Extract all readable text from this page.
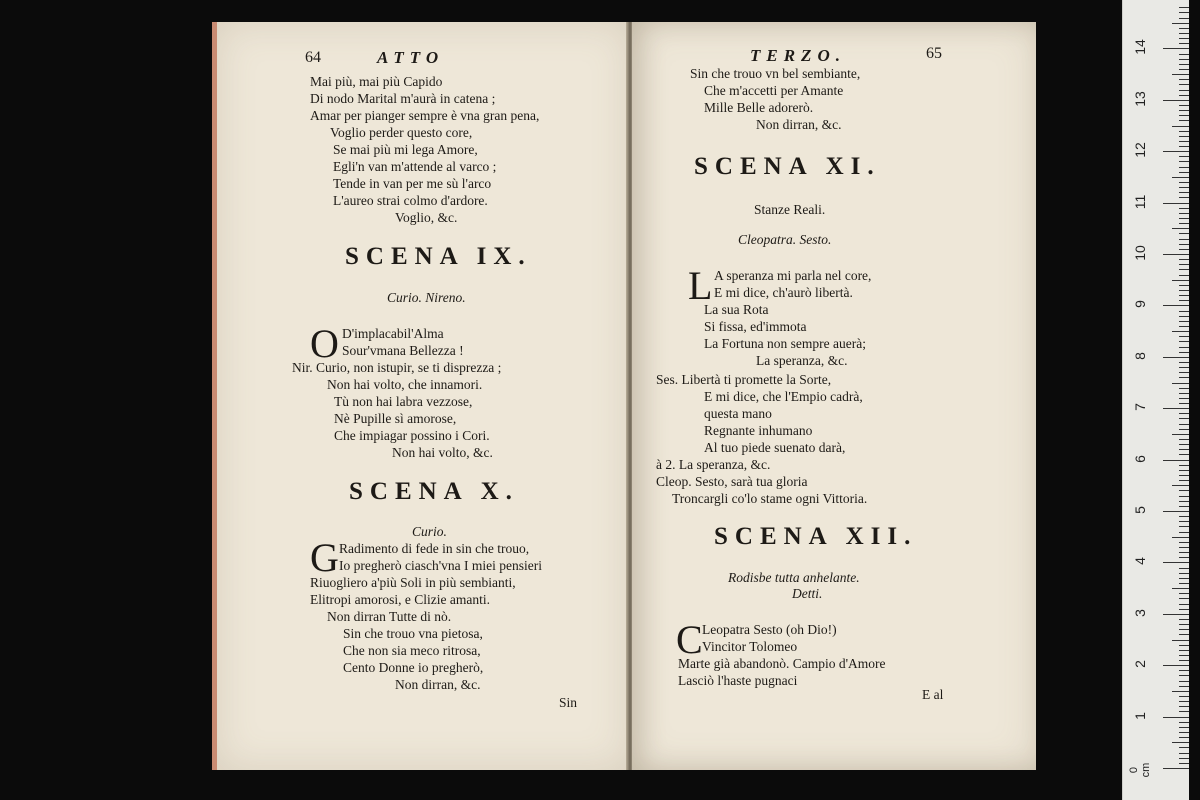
64	ATTO
Mai più, mai più Capido
Di nodo Marital m'aurà in catena ;
Amar per pianger sempre è vna gran pena,
Voglio perder questo core,
Se mai più mi lega Amore,
Egli'n van m'attende al varco ;
Tende in van per me sù l'arco
L'aureo strai colmo d'ardore.
Voglio, &c.
SCENA IX.
Curio. Nireno.
O D'implacabil'Alma
Sour'vmana Bellezza !
Nir. Curio, non istupir, se ti disprezza ;
Non hai volto, che innamori.
Tù non hai labra vezzose,
Nè Pupille sì amorose,
Che impiagar possino i Cori.
Non hai volto, &c.
SCENA X.
Curio.
G Radimento di fede in sin che trouo,
Io pregherò ciasch'vna I miei pensieri
Riuogliero a'più Soli in più sembianti,
Elitropi amorosi, e Clizie amanti.
Non dirran Tutte di nò.
Sin che trouo vna pietosa,
Che non sia meco ritrosa,
Cento Donne io pregherò,
Non dirran, &c.
Sin
TERZO.	65
Sin che trouo vn bel sembiante,
Che m'accetti per Amante
Mille Belle adorerò.
Non dirran, &c.
SCENA XI.
Stanze Reali.
Cleopatra. Sesto.
L A speranza mi parla nel core,
E mi dice, ch'aurò libertà.
La sua Rota
Si fissa, ed'immota
La Fortuna non sempre auerà;
La speranza, &c.
Ses. Libertà ti promette la Sorte,
E mi dice, che l'Empio cadrà,
questa mano
Regnante inhumano
Al tuo piede suenato darà,
à 2. La speranza, &c.
Cleop. Sesto, sarà tua gloria
Troncargli co'lo stame ogni Vittoria.
SCENA XII.
Rodisbe tutta anhelante.
Detti.
C Leopatra Sesto (oh Dio!)
Vincitor Tolomeo
Marte già abandonò. Campio d'Amore
Lasciò l'haste pugnaci
E al
0 cm
1
2
3
4
5
6
7
8
9
10
11
12
13
14
